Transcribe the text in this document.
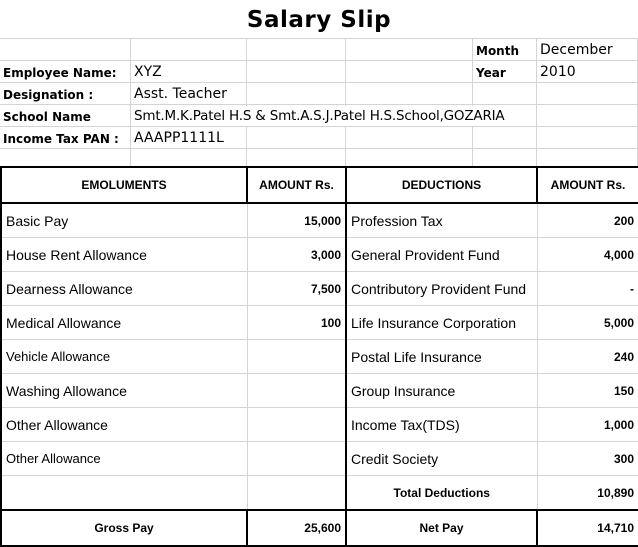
Salary Slip
Month December
Employee Name: XYZ	Year 2010
Designation :	Asst. Teacher
School Name	Smt.M.K.Patel H.S & Smt.A.S.J.Patel H.S.School,GOZARIA
Income Tax PAN : AAAPP1111L
EMOLUMENTS	AMOUNT Rs.	DEDUCTIONS	AMOUNT Rs.
Basic Pay	15,000	Profession Tax	200
House Rent Allowance	3,000	General Provident Fund	4,000
Dearness Allowance	7,500	Contributory Provident Fund	-
Medical Allowance	100	Life Insurance Corporation	5,000
Vehicle Allowance		Postal Life Insurance	240
Washing Allowance		Group Insurance	150
Other Allowance		Income Tax(TDS)	1,000
Other Allowance		Credit Society	300
		Total Deductions	10,890
Gross Pay	25,600	Net Pay	14,710
